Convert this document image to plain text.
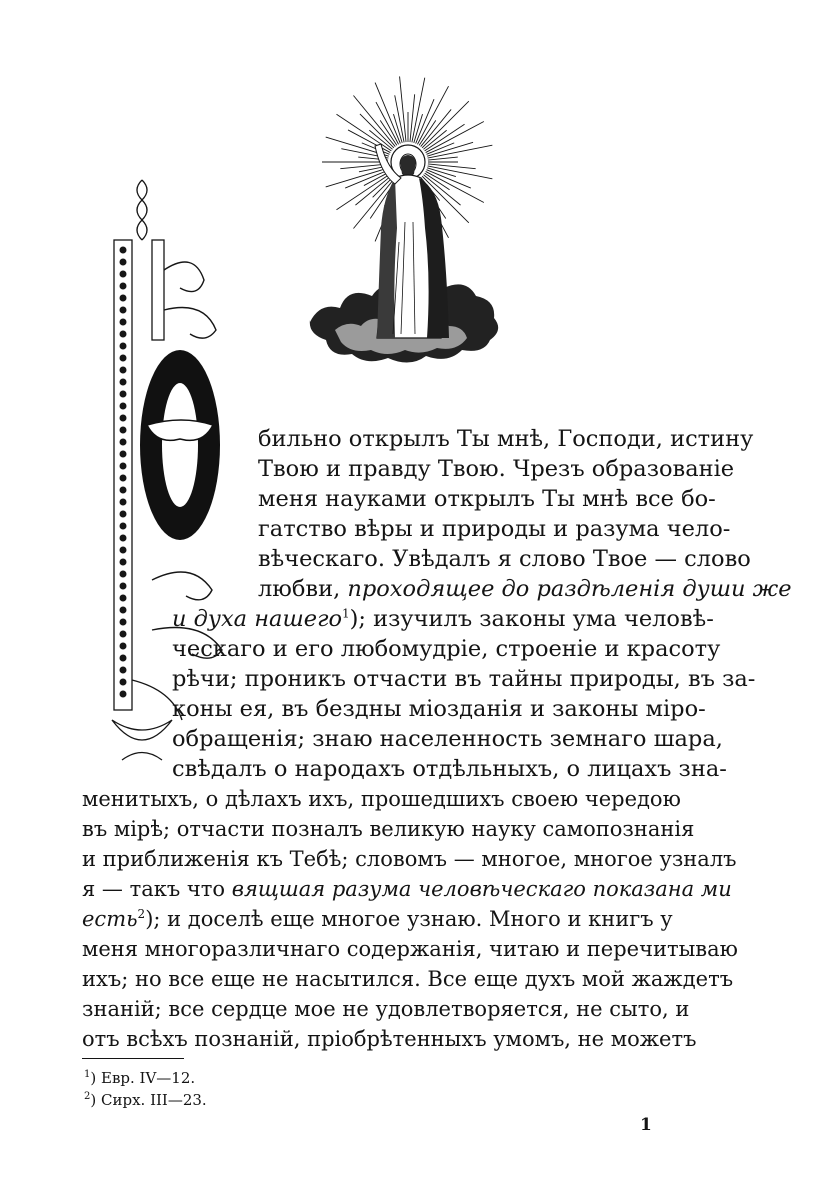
бильно открылъ Ты мнѣ, Господи, истину
Твою и правду Твою. Чрезъ образованіе
меня науками открылъ Ты мнѣ все бо-
гатство вѣры и природы и разума чело-
вѣческаго. Увѣдалъ я слово Твое — слово
любви, проходящее до раздѣленія души же
и духа нашего$^1$); изучилъ законы ума человѣ-
ческаго и его любомудріе, строеніе и красоту
рѣчи; проникъ отчасти въ тайны природы, въ за-
коны ея, въ бездны міозданія и законы міро-
обращенія; знаю населенность земнаго шара,
свѣдалъ о народахъ отдѣльныхъ, о лицахъ зна-
менитыхъ, о дѣлахъ ихъ, прошедшихъ своею чередою
въ мірѣ; отчасти позналъ великую науку самопознанія
и приближенія къ Тебѣ; словомъ — многое, многое узналъ
я — такъ что вящшая разума человѣческаго показана ми
есть$^2$); и доселѣ еще многое узнаю. Много и книгъ у
меня многоразличнаго содержанія, читаю и перечитываю
ихъ; но все еще не насытился. Все еще духъ мой жаждетъ
знаній; все сердце мое не удовлетворяется, не сыто, и
отъ всѣхъ познаній, пріобрѣтенныхъ умомъ, не можетъ
$^1$) Евр. IV—12.
$^2$) Сирх. III—23.
1
